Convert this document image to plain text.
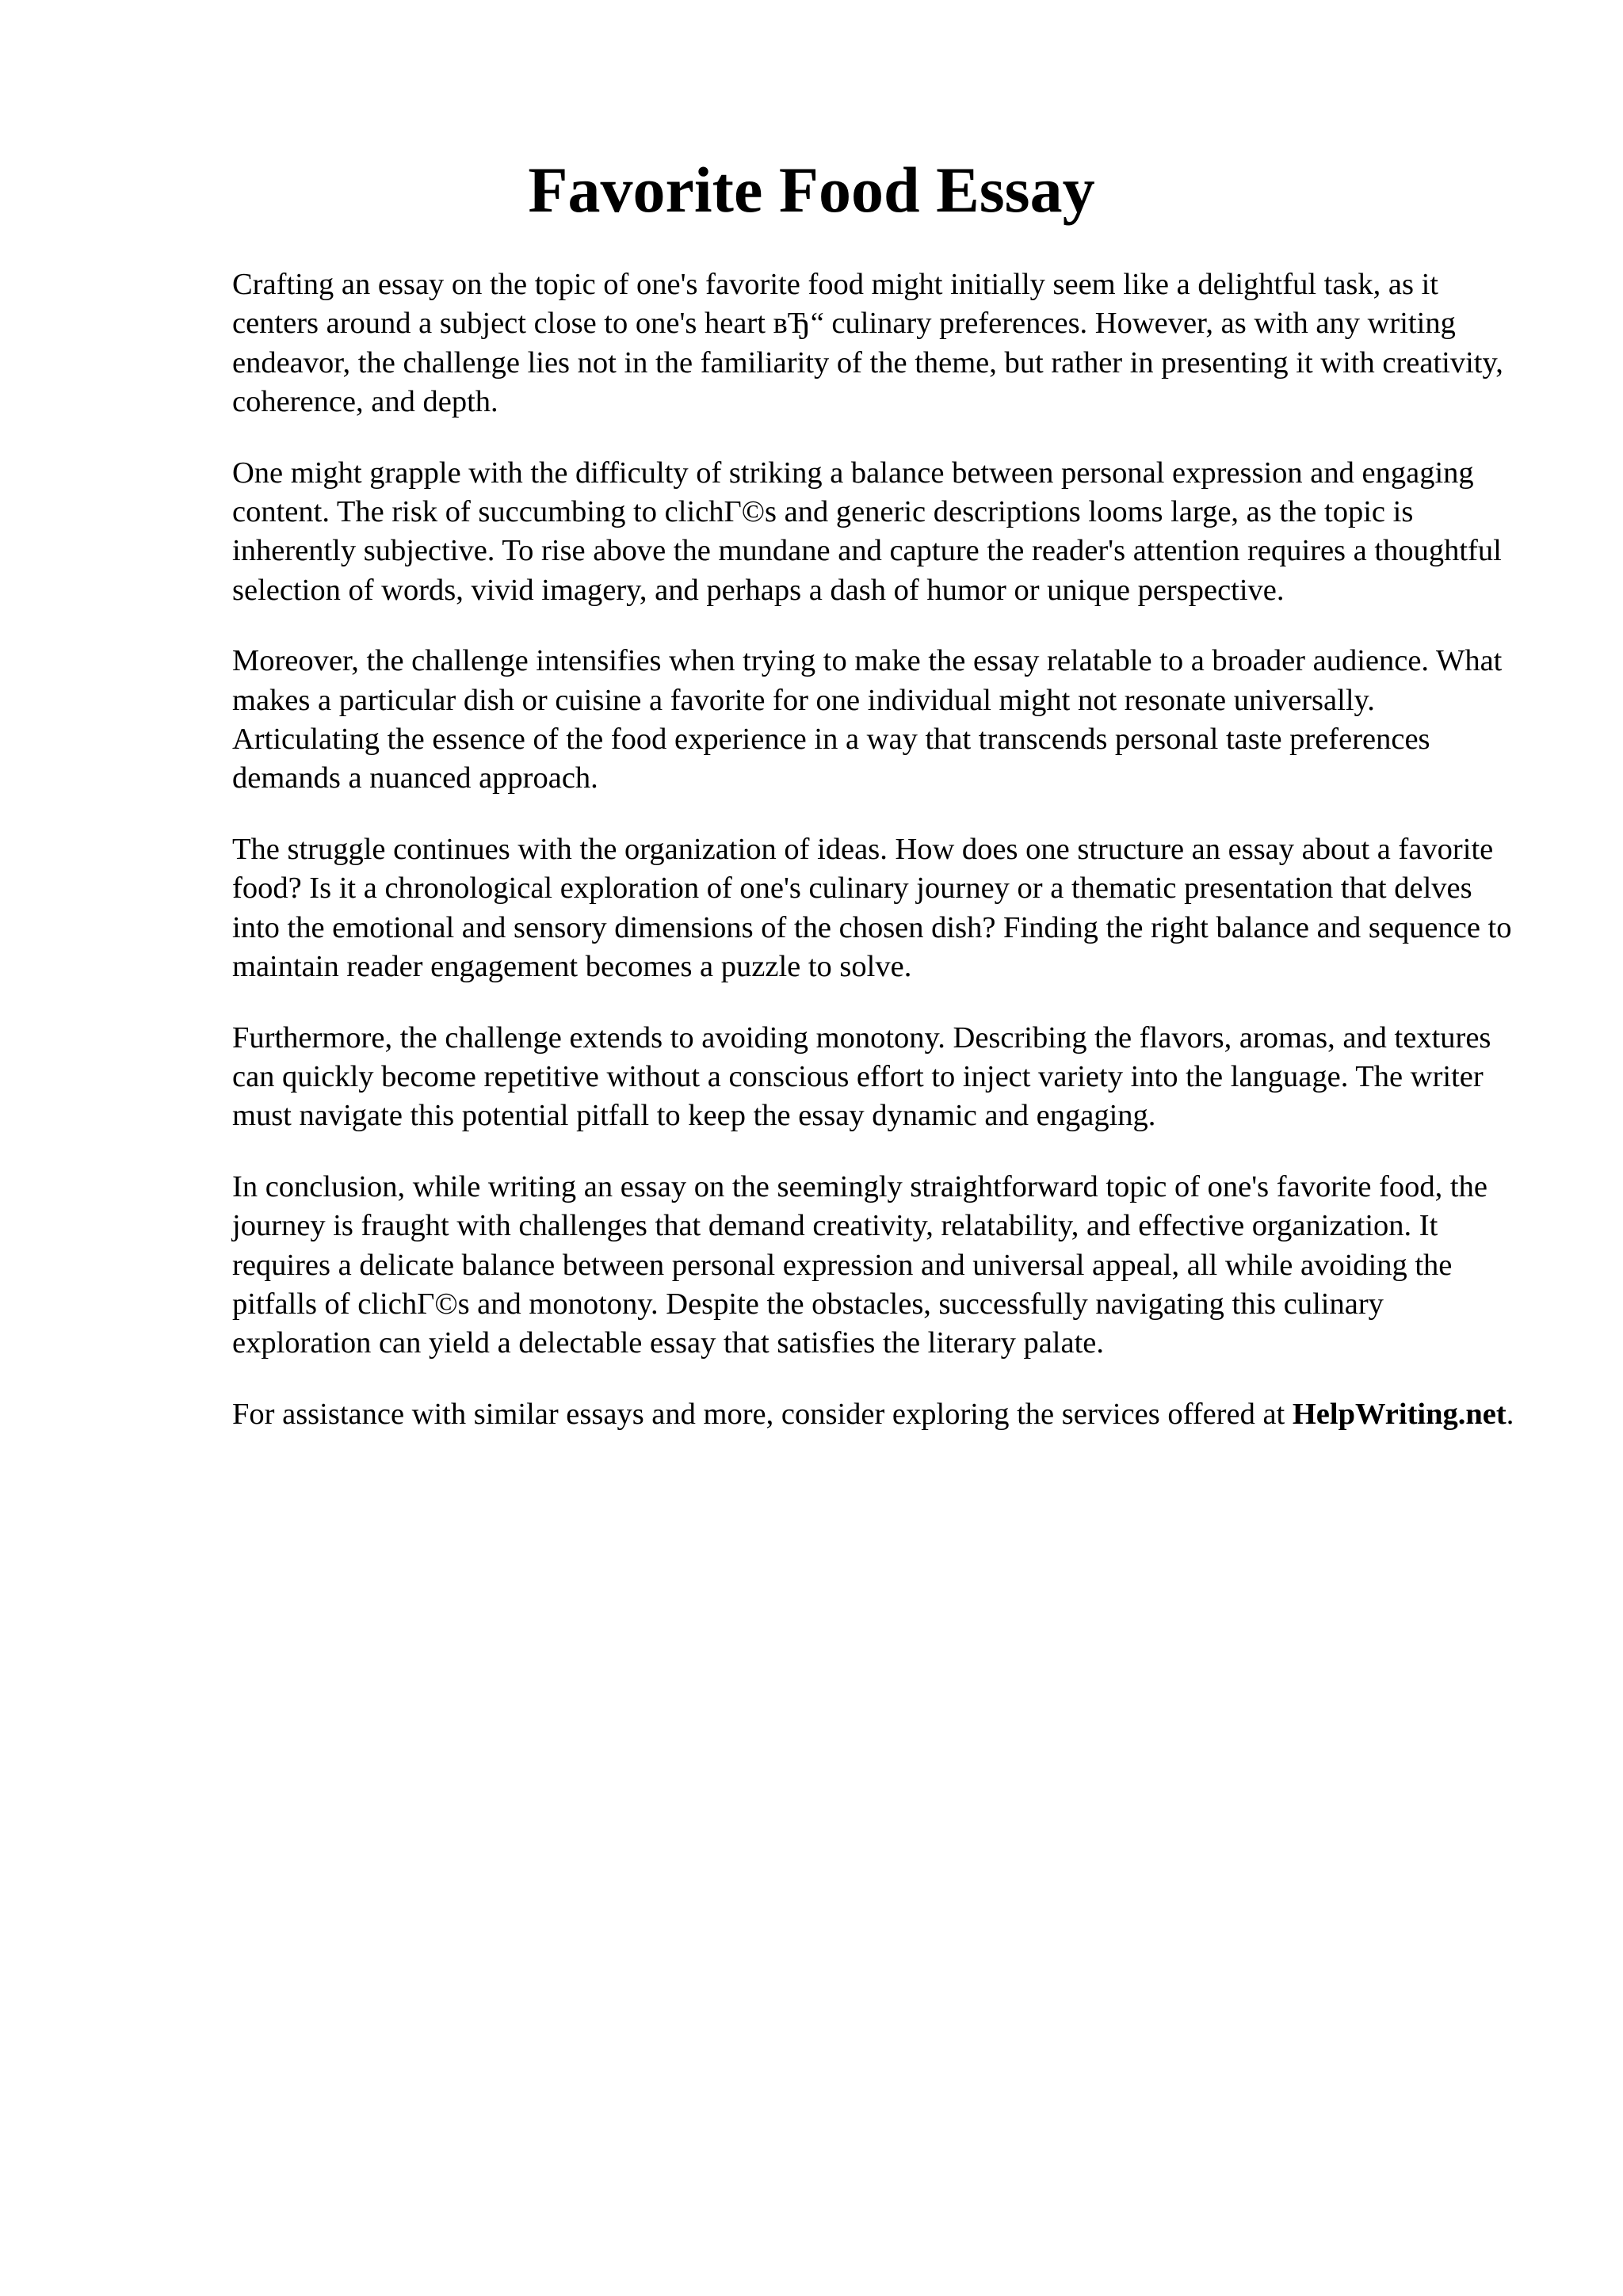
Favorite Food Essay

Crafting an essay on the topic of one's favorite food might initially seem like a delightful task, as it centers around a subject close to one's heart вЂ“ culinary preferences. However, as with any writing endeavor, the challenge lies not in the familiarity of the theme, but rather in presenting it with creativity, coherence, and depth.

One might grapple with the difficulty of striking a balance between personal expression and engaging content. The risk of succumbing to clichГ©s and generic descriptions looms large, as the topic is inherently subjective. To rise above the mundane and capture the reader's attention requires a thoughtful selection of words, vivid imagery, and perhaps a dash of humor or unique perspective.

Moreover, the challenge intensifies when trying to make the essay relatable to a broader audience. What makes a particular dish or cuisine a favorite for one individual might not resonate universally. Articulating the essence of the food experience in a way that transcends personal taste preferences demands a nuanced approach.

The struggle continues with the organization of ideas. How does one structure an essay about a favorite food? Is it a chronological exploration of one's culinary journey or a thematic presentation that delves into the emotional and sensory dimensions of the chosen dish? Finding the right balance and sequence to maintain reader engagement becomes a puzzle to solve.

Furthermore, the challenge extends to avoiding monotony. Describing the flavors, aromas, and textures can quickly become repetitive without a conscious effort to inject variety into the language. The writer must navigate this potential pitfall to keep the essay dynamic and engaging.

In conclusion, while writing an essay on the seemingly straightforward topic of one's favorite food, the journey is fraught with challenges that demand creativity, relatability, and effective organization. It requires a delicate balance between personal expression and universal appeal, all while avoiding the pitfalls of clichГ©s and monotony. Despite the obstacles, successfully navigating this culinary exploration can yield a delectable essay that satisfies the literary palate.

For assistance with similar essays and more, consider exploring the services offered at HelpWriting.net.
